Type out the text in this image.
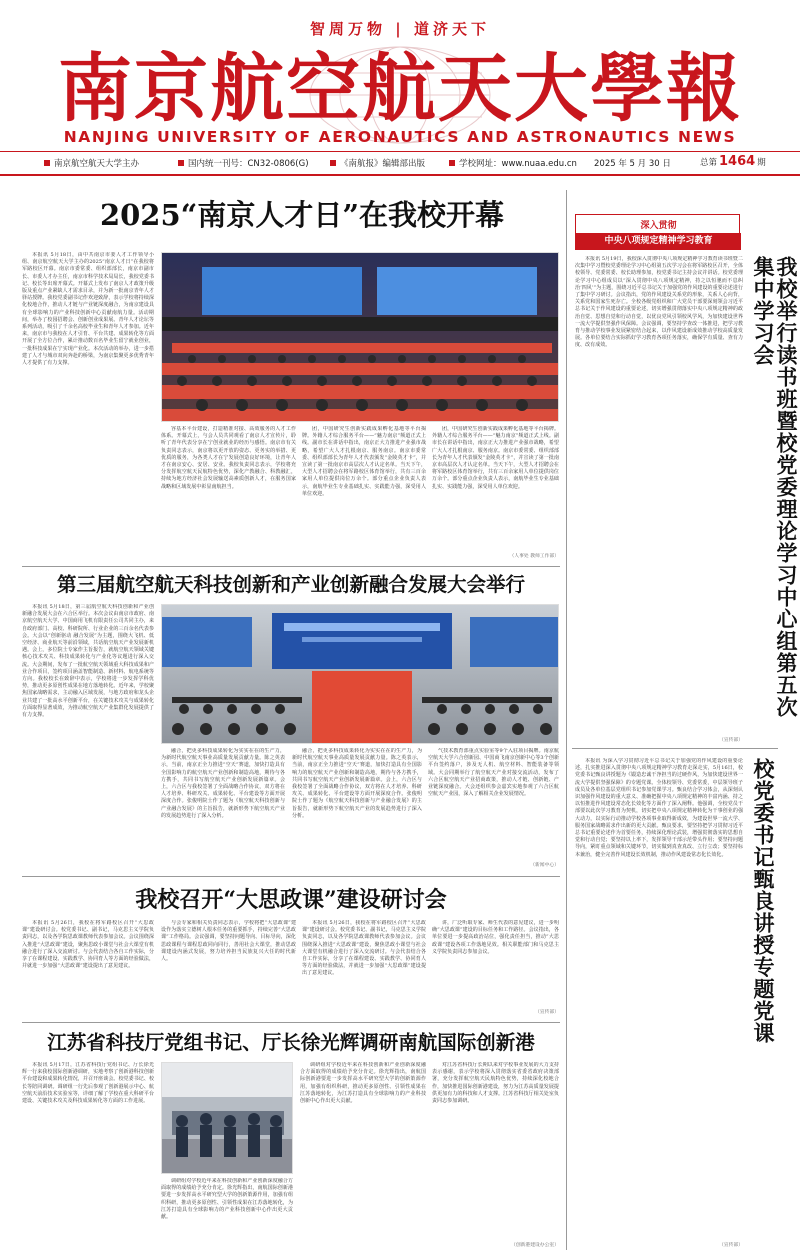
智周万物 | 道济天下
南京航空航天大學報
NANJING UNIVERSITY OF AERONAUTICS AND ASTRONAUTICS NEWS
南京航空航天大学主办	国内统一刊号：CN32-0806(G)	《南航报》编辑部出版	学校网址：www.nuaa.edu.cn 2025 年 5 月 30 日	总第 1464 期
2025“南京人才日”在我校开幕

本报讯 5月18日，由中共南京市委人才工作领导小组、南京航空航天大学主办的2025“南京人才日”在我校将军路校区开幕。南京市委常委、组织部部长，南京市副市长、市委人才办主任，南京市科学技术局局长，我校党委书记、校长等出席开幕式。开幕式上发布了南京人才政策升级版及重点产业紧缺人才需求目录，并为新一批南京青年人才驿站授牌。我校党委副书记作欢迎致辞，表示学校将持续深化校地合作，推动人才链与产业链深度融合，为南京建设具有全球影响力的产业科技创新中心贡献南航力量。活动期间，举办了校园招聘会、创新创业成果展、青年人才论坛等系列活动，吸引了千余名高校毕业生和青年人才参加。近年来，南京市与我校在人才引育、平台共建、成果转化等方面开展了全方位合作，累计推动数百名毕业生留宁就业创业，一批科技成果在宁实现产业化。本次活动的举办，进一步搭建了人才与城市双向奔赴的桥梁，为南京集聚更多优秀青年人才提供了有力支撑。

容基本平台建设，打造精准对接、高效服务的人才工作体系。开幕式上，与会人员共同观看了南京人才宣传片，聆听了青年代表分享在宁创业就业的经历与感悟。南京市有关负责同志表示，南京将以更开放的姿态、更务实的举措、更优质的服务，为各类人才在宁发展创造良好环境，让青年人才在南京安心、安居、安业。我校负责同志表示，学校将充分发挥航空航天民航特色优势，深化产教融合、科教融汇，持续为地方经济社会发展输送高素质创新人才，在服务国家战略和区域发展中彰显南航担当。

团，中国研究生创新实践成果孵化基地等平台揭牌。外籍人才综合服务平台——“魅力南京”频道正式上线。副市长在讲话中指出，南京正大力推进产业强市战略，希望广大人才扎根南京、服务南京。南京市委常委、组织部部长为青年人才代表颁发“金陵英才卡”，并宣读了第一批南京市高层次人才认定名单。当天下午，大型人才招聘会在将军路校区体育馆举行，共有三百余家用人单位提供岗位万余个。部分重点企业负责人表示，南航毕业生专业基础扎实、实践能力强，深受用人单位欢迎。

团，中国研究生创新实践成果孵化基地等平台揭牌。外籍人才综合服务平台——“魅力南京”频道正式上线。副市长在讲话中指出，南京正大力推进产业强市战略，希望广大人才扎根南京、服务南京。南京市委常委、组织部部长为青年人才代表颁发“金陵英才卡”，并宣读了第一批南京市高层次人才认定名单。当天下午，大型人才招聘会在将军路校区体育馆举行，共有三百余家用人单位提供岗位万余个。部分重点企业负责人表示，南航毕业生专业基础扎实、实践能力强，深受用人单位欢迎。

（人事处 教师工作部）
第三届航空航天科技创新和产业创新融合发展大会举行

本报讯 5月18日，第三届航空航天科技创新和产业创新融合发展大会在六合区举行。本次会议由南京市政府、南京航空航天大学、中国商用飞机有限责任公司共同主办，来自政府部门、高校、科研院所、行业企业的三百余名代表参会。大会以“创新驱动 融合发展”为主题，围绕大飞机、低空经济、商业航天等前沿领域，共话航空航天产业发展新机遇。会上，多位院士专家作主旨报告，就航空航天领域关键核心技术攻关、科技成果转化与产业化等议题进行深入交流。大会期间，发布了一批航空航天领域重大科技成果和产业合作项目，签约项目涵盖智能制造、新材料、航电系统等方向。我校校长在致辞中表示，学校将进一步发挥学科优势，推动更多原创性成果在地方落地转化。近年来，学校聚焦国家战略需求，主动融入区域发展，与地方政府和龙头企业共建了一批高水平创新平台，在关键技术攻关与成果转化方面取得显著成效，为推动航空航天产业集群化发展提供了有力支撑。

融合，把更多科技成果转化为实实在在的生产力，为新时代航空航天事业高质量发展贡献力量。陈之英表示，当前，南京正全力推进“空天”赛道，加快打造具有全国影响力的航空航天产业创新和制造高地，期待与各方携手，共同书写航空航天产业创新发展新篇章。会上，六合区与我校签署了全面战略合作协议，双方将在人才培养、科研攻关、成果转化、平台建设等方面开展深度合作。张俊明院士作了题为《航空航天科技创新与产业融合发展》的主旨报告，就新形势下航空航天产业的发展趋势进行了深入分析。

融合，把更多科技成果转化为实实在在的生产力，为新时代航空航天事业高质量发展贡献力量。陈之英表示，当前，南京正全力推进“空天”赛道，加快打造具有全国影响力的航空航天产业创新和制造高地，期待与各方携手，共同书写航空航天产业创新发展新篇章。会上，六合区与我校签署了全面战略合作协议，双方将在人才培养、科研攻关、成果转化、平台建设等方面开展深度合作。张俊明院士作了题为《航空航天科技创新与产业融合发展》的主旨报告，就新形势下航空航天产业的发展趋势进行了深入分析。

气技术教育部重点实验室等9个入驻项目揭牌。南京航空航天大学六合创新园、中国商飞南京创新中心等3个创新平台签约落户，涉及无人机、航空材料、智能装备等领域。大会同期举行了航空航天产业对接交流活动，发布了六合区航空航天产业招商政策，推动人才链、创新链、产业链深度融合。大会还组织参会嘉宾实地参观了六合区航空航天产业园，深入了解相关企业发展情况。

（新闻中心）
我校召开“大思政课”建设研讨会

本报讯 5月26日，我校在将军路校区召开“大思政课”建设研讨会。校党委书记、副书记，马克思主义学院负责同志，以及各学院思政课教师代表参加会议。会议围绕深入推进“大思政课”建设，聚焦思政小课堂与社会大课堂有机融合进行了深入交流研讨。与会代表结合各自工作实际，分享了在课程建设、实践教学、协同育人等方面的经验做法，并就进一步加强“大思政课”建设提出了意见建议。

与会专家和相关负责同志表示，学校将把“大思政课”建设作为落实立德树人根本任务的重要抓手，持续完善“大思政课”工作格局。会议强调，要坚持问题导向、目标导向，深化思政课程与课程思政同向同行，善用社会大课堂，推动思政课建设内涵式发展，努力培养担当民族复兴大任的时代新人。

本报讯 5月26日，我校在将军路校区召开“大思政课”建设研讨会。校党委书记、副书记，马克思主义学院负责同志，以及各学院思政课教师代表参加会议。会议围绕深入推进“大思政课”建设，聚焦思政小课堂与社会大课堂有机融合进行了深入交流研讨。与会代表结合各自工作实际，分享了在课程建设、实践教学、协同育人等方面的经验做法，并就进一步加强“大思政课”建设提出了意见建议。

讲，广泛听取专家、师生代表的意见建议，进一步明确“大思政课”建设的目标任务和工作路径。会议指出，各单位要进一步提高政治站位，强化责任担当，推动“大思政课”建设各项工作落地见效。相关职能部门和马克思主义学院负责同志参加会议。

（宣传部）
江苏省科技厅党组书记、厅长徐光辉调研南航国际创新港

本报讯 5月17日，江苏省科技厅党组书记、厅长徐光辉一行来我校国际创新港调研，实地考察了创新港科技创新平台建设和成果转化情况，并召开座谈会。校党委书记、校长等陪同调研。调研组一行先后参观了创新港展示中心、航空航天前沿技术实验室等，详细了解了学校在重大科研平台建设、关键技术攻关及科技成果转化等方面的工作进展。

调研组对学校近年来在科技创新和产业创新深度融合方面取得的成绩给予充分肯定。徐光辉指出，南航国际创新港要进一步发挥高水平研究型大学的创新策源作用，加强有组织科研，推动更多原创性、引领性成果在江苏落地转化，为江苏打造具有全球影响力的产业科技创新中心作出更大贡献。

调研组对学校近年来在科技创新和产业创新深度融合方面取得的成绩给予充分肯定。徐光辉指出，南航国际创新港要进一步发挥高水平研究型大学的创新策源作用，加强有组织科研，推动更多原创性、引领性成果在江苏落地转化，为江苏打造具有全球影响力的产业科技创新中心作出更大贡献。

对江苏省科技厅长期以来对学校事业发展的大力支持表示感谢，表示学校将深入贯彻落实省委省政府决策部署，充分发挥航空航天民航特色优势，持续深化校地合作，加快推进国际创新港建设，努力为江苏高质量发展提供更加有力的科技和人才支撑。江苏省科技厅相关处室负责同志参加调研。

（创新港建设办公室）
深入贯彻
中央八项规定精神学习教育
我校举行读书班暨校党委理论学习中心组第五次集中学习会

本报讯 5月19日，我校深入贯彻中央八项规定精神学习教育读书班暨二次集中学习暨校党委理论学习中心组第五次学习会在将军路校区召开，全体校领导、党委常委、校长助理参加，校党委书记主持会议并讲话。校党委理论学习中心组成员以“深入贯彻中央八项规定精神，持之以恒驰而不息纠治‘四风’”为主题，围绕习近平总书记关于加强党的作风建设的重要论述进行了集中学习研讨。会议指出，党的作风建设关系党的形象，关系人心向背，关系党和国家生死存亡。全校各级党组织和广大党员干部要深刻领会习近平总书记关于作风建设的重要论述，切实增强贯彻落实中央八项规定精神的政治自觉、思想自觉和行动自觉，以优良党风引领校风学风，为加快建设世界一流大学提供坚强作风保障。会议强调，要坚持学查改一体推进，把学习教育与推动学校事业发展紧密结合起来，以作风建设新成效推动学校高质量发展。各单位要结合实际抓好学习教育各项任务落实，确保学有质量、查有力度、改有成效。

（宣传部）
校党委书记甄良讲授专题党课

本报讯 为深入学习贯彻习近平总书记关于加强党的作风建设的重要论述，扎实推进深入贯彻中央八项规定精神学习教育走深走实，5月16日，校党委书记甄良讲授题为《锻造忠诚干净担当的过硬作风，为加快建设世界一流大学提供坚强保障》的专题党课。全体校领导、党委常委，中层领导班子成员及各单位基层党组织书记参加党课学习。甄良结合学习体会，从深刻认识加强作风建设的重大意义、准确把握中央八项规定精神的丰富内涵、持之以恒推进作风建设常态化长效化等方面作了深入阐释。他强调，全校党员干部要以此次学习教育为契机，切实把中央八项规定精神转化为干事创业的强大动力，以实际行动推动学校各项事业取得新成效，为建设世界一流大学、服务国家战略需求作出新的更大贡献。甄良要求，要坚持把学习贯彻习近平总书记重要论述作为首要任务，持续深化理论武装，增强贯彻落实的思想自觉和行动自觉；要坚持以上率下，发挥领导干部示范带头作用；要坚持问题导向，紧盯重点领域和关键环节，切实做到真查真改、立行立改；要坚持标本兼治，健全完善作风建设长效机制，推动作风建设常态化长效化。

（宣传部）
